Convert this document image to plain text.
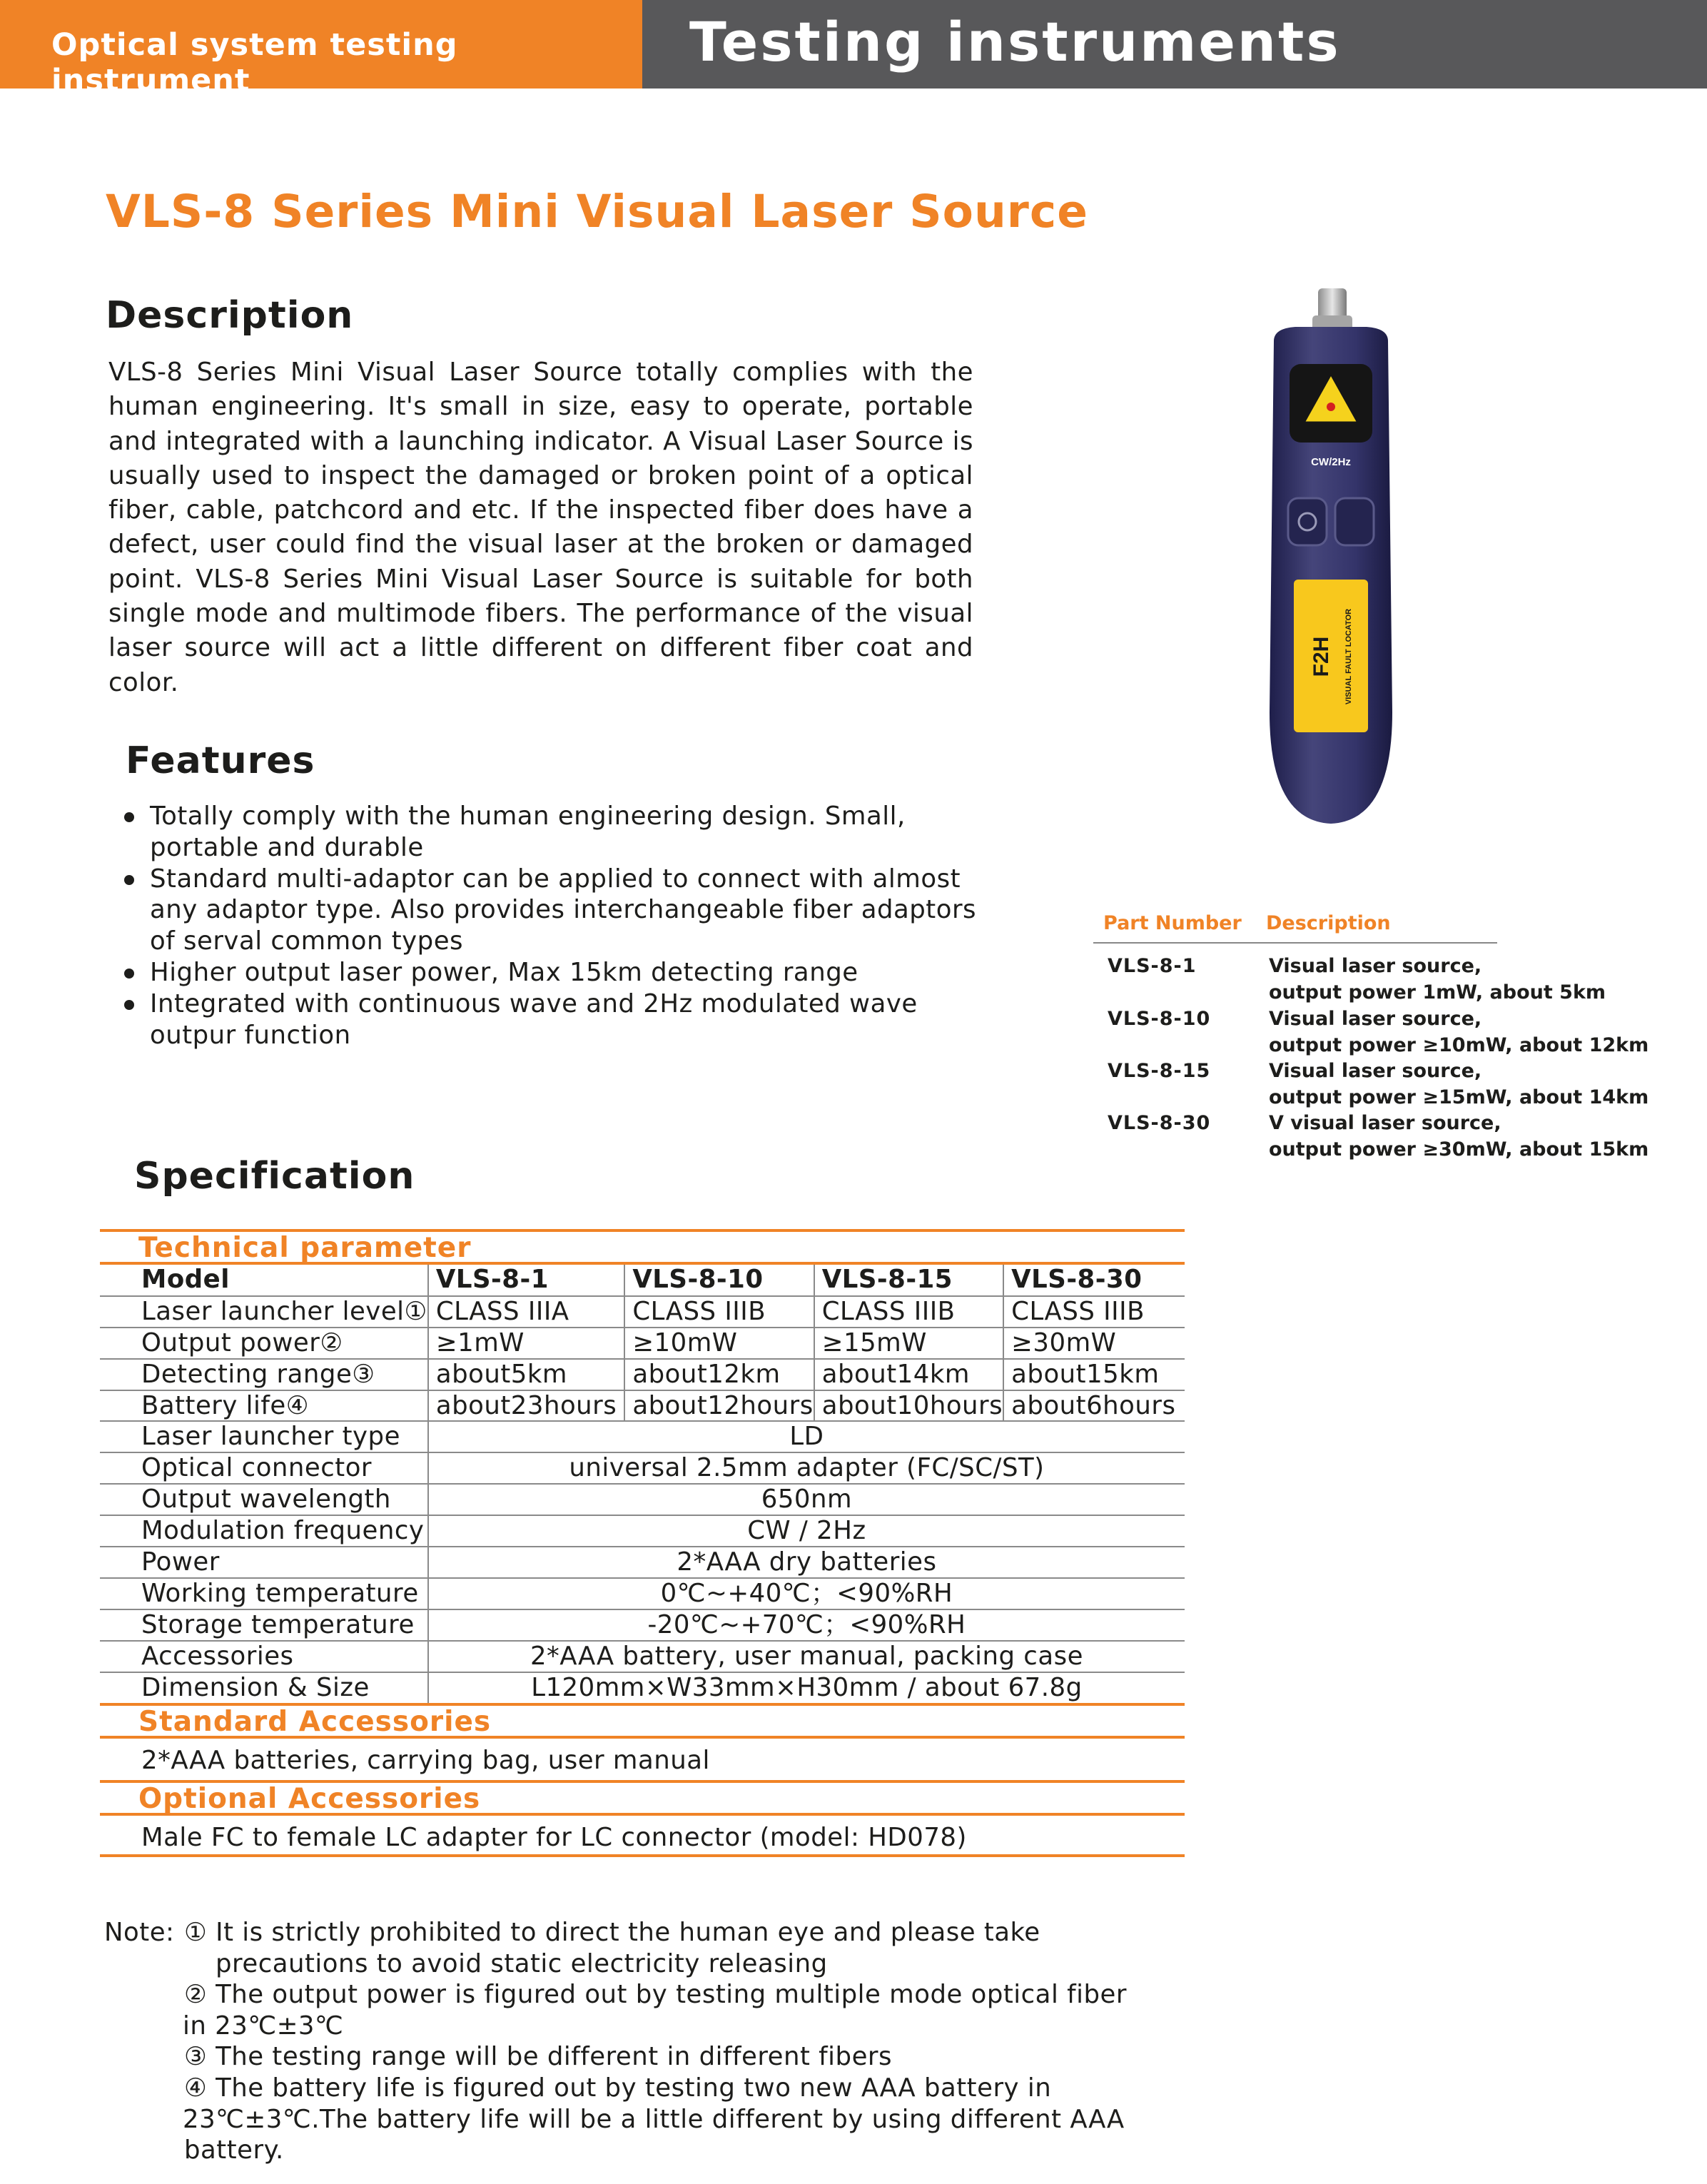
Optical system testing instrument
Testing instruments
VLS-8 Series Mini Visual Laser Source
Description
VLS-8 Series Mini Visual Laser Source totally complies with the human engineering. It's small in size, easy to operate, portable and integrated with a launching indicator. A Visual Laser Source is usually used to inspect the damaged or broken point of a optical fiber, cable, patchcord and etc. If the inspected fiber does have a defect, user could find the visual laser at the broken or damaged point. VLS-8 Series Mini Visual Laser Source is suitable for both single mode and multimode fibers. The performance of the visual laser source will act a little different on different fiber coat and color.
CW/2Hz
F2H VISUAL FAULT LOCATOR
Features
Totally comply with the human engineering design. Small, portable and durable
Standard multi-adaptor can be applied to connect with almost any adaptor type. Also provides interchangeable fiber adaptors of serval common types
Higher output laser power, Max 15km detecting range
Integrated with continuous wave and 2Hz modulated wave outpur function
Part Number Description
VLS-8-1	Visual laser source,
output power 1mW, about 5km
VLS-8-10	Visual laser source,
output power ≥10mW, about 12km
VLS-8-15	Visual laser source,
output power ≥15mW, about 14km
VLS-8-30	V visual laser source,
output power ≥30mW, about 15km
Specification
Technical parameter
Model	VLS-8-1	VLS-8-10	VLS-8-15	VLS-8-30
Laser launcher level①	CLASS IIIA	CLASS IIIB	CLASS IIIB	CLASS IIIB
Output power②	≥1mW	≥10mW	≥15mW	≥30mW
Detecting range③	about5km	about12km	about14km	about15km
Battery life④	about23hours	about12hours	about10hours	about6hours
Laser launcher type	LD			
Optical connector	universal 2.5mm adapter (FC/SC/ST)			
Output wavelength	650nm			
Modulation frequency	CW / 2Hz			
Power	2*AAA dry batteries			
Working temperature	0℃~+40℃；<90%RH			
Storage temperature	-20℃~+70℃；<90%RH			
Accessories	2*AAA battery, user manual, packing case			
Dimension & Size	L120mm×W33mm×H30mm / about 67.8g			
Standard Accessories
2*AAA batteries, carrying bag, user manual
Optional Accessories
Male FC to female LC adapter for LC connector (model: HD078)
Note: ① It is strictly prohibited to direct the human eye and please take
precautions to avoid static electricity releasing
② The output power is figured out by testing multiple mode optical fiber
in 23℃±3℃
③ The testing range will be different in different fibers
④ The battery life is figured out by testing two new AAA battery in
23℃±3℃.The battery life will be a little different by using different AAA
battery.
